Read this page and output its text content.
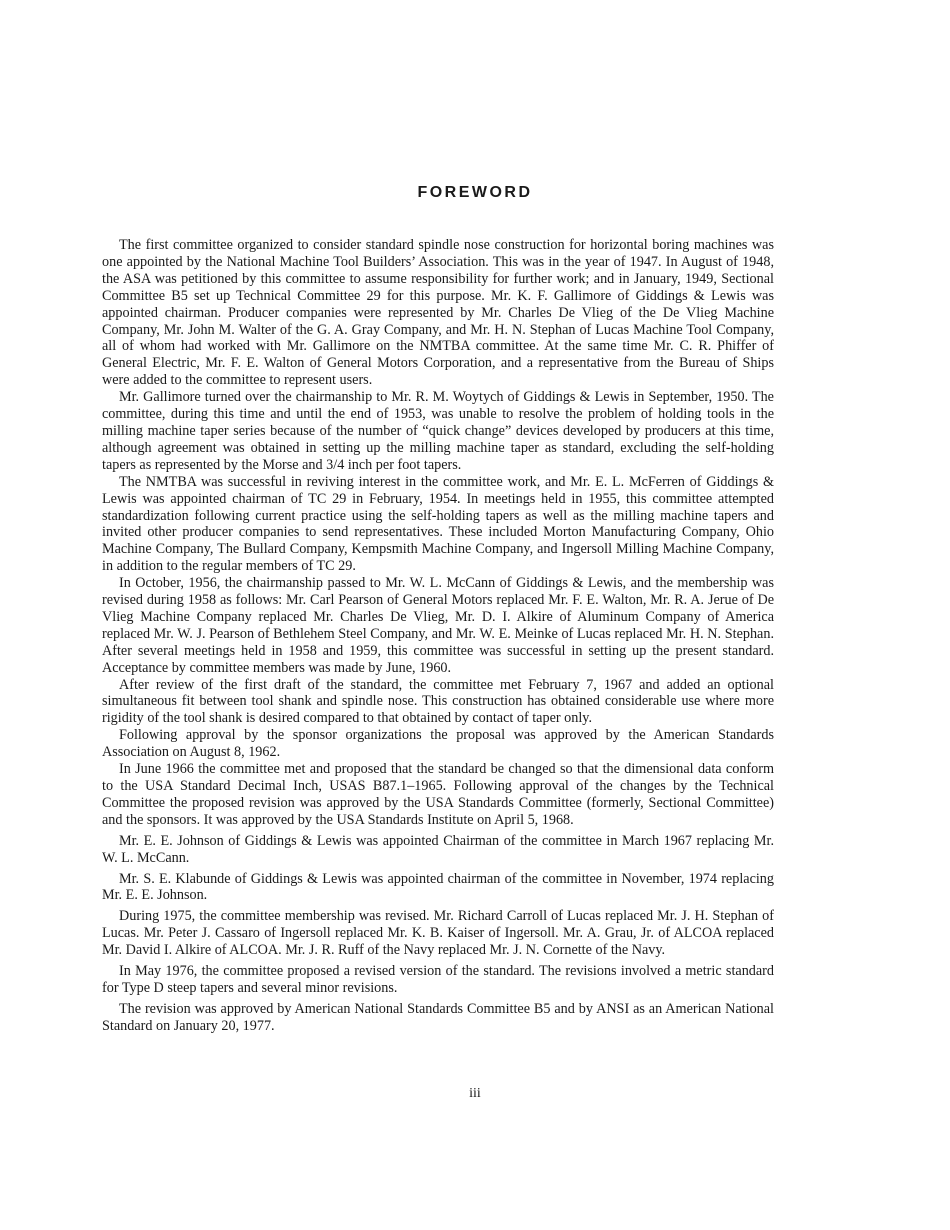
FOREWORD

The first committee organized to consider standard spindle nose construction for horizontal boring machines was one appointed by the National Machine Tool Builders’ Association. This was in the year of 1947. In August of 1948, the ASA was petitioned by this committee to assume responsibility for further work; and in January, 1949, Sectional Committee B5 set up Technical Committee 29 for this purpose. Mr. K. F. Gallimore of Giddings & Lewis was appointed chairman. Producer companies were represented by Mr. Charles De Vlieg of the De Vlieg Machine Company, Mr. John M. Walter of the G. A. Gray Company, and Mr. H. N. Stephan of Lucas Machine Tool Company, all of whom had worked with Mr. Gallimore on the NMTBA committee. At the same time Mr. C. R. Phiffer of General Electric, Mr. F. E. Walton of General Motors Corporation, and a representative from the Bureau of Ships were added to the committee to represent users.

Mr. Gallimore turned over the chairmanship to Mr. R. M. Woytych of Giddings & Lewis in September, 1950. The committee, during this time and until the end of 1953, was unable to resolve the problem of holding tools in the milling machine taper series because of the number of “quick change” devices developed by producers at this time, although agreement was obtained in setting up the milling machine taper as standard, excluding the self-holding tapers as represented by the Morse and 3/4 inch per foot tapers.

The NMTBA was successful in reviving interest in the committee work, and Mr. E. L. McFerren of Giddings & Lewis was appointed chairman of TC 29 in February, 1954. In meetings held in 1955, this committee attempted standardization following current practice using the self-holding tapers as well as the milling machine tapers and invited other producer companies to send representatives. These included Morton Manufacturing Company, Ohio Machine Company, The Bullard Company, Kempsmith Machine Company, and Ingersoll Milling Machine Company, in addition to the regular members of TC 29.

In October, 1956, the chairmanship passed to Mr. W. L. McCann of Giddings & Lewis, and the membership was revised during 1958 as follows: Mr. Carl Pearson of General Motors replaced Mr. F. E. Walton, Mr. R. A. Jerue of De Vlieg Machine Company replaced Mr. Charles De Vlieg, Mr. D. I. Alkire of Aluminum Company of America replaced Mr. W. J. Pearson of Bethlehem Steel Company, and Mr. W. E. Meinke of Lucas replaced Mr. H. N. Stephan. After several meetings held in 1958 and 1959, this committee was successful in setting up the present standard. Acceptance by committee members was made by June, 1960.

After review of the first draft of the standard, the committee met February 7, 1967 and added an optional simultaneous fit between tool shank and spindle nose. This construction has obtained considerable use where more rigidity of the tool shank is desired compared to that obtained by contact of taper only.

Following approval by the sponsor organizations the proposal was approved by the American Standards Association on August 8, 1962.

In June 1966 the committee met and proposed that the standard be changed so that the dimensional data conform to the USA Standard Decimal Inch, USAS B87.1–1965. Following approval of the changes by the Technical Committee the proposed revision was approved by the USA Standards Committee (formerly, Sectional Committee) and the sponsors. It was approved by the USA Standards Institute on April 5, 1968.

Mr. E. E. Johnson of Giddings & Lewis was appointed Chairman of the committee in March 1967 replacing Mr. W. L. McCann.

Mr. S. E. Klabunde of Giddings & Lewis was appointed chairman of the committee in November, 1974 replacing Mr. E. E. Johnson.

During 1975, the committee membership was revised. Mr. Richard Carroll of Lucas replaced Mr. J. H. Stephan of Lucas. Mr. Peter J. Cassaro of Ingersoll replaced Mr. K. B. Kaiser of Ingersoll. Mr. A. Grau, Jr. of ALCOA replaced Mr. David I. Alkire of ALCOA. Mr. J. R. Ruff of the Navy replaced Mr. J. N. Cornette of the Navy.

In May 1976, the committee proposed a revised version of the standard. The revisions involved a metric standard for Type D steep tapers and several minor revisions.

The revision was approved by American National Standards Committee B5 and by ANSI as an American National Standard on January 20, 1977.

iii
